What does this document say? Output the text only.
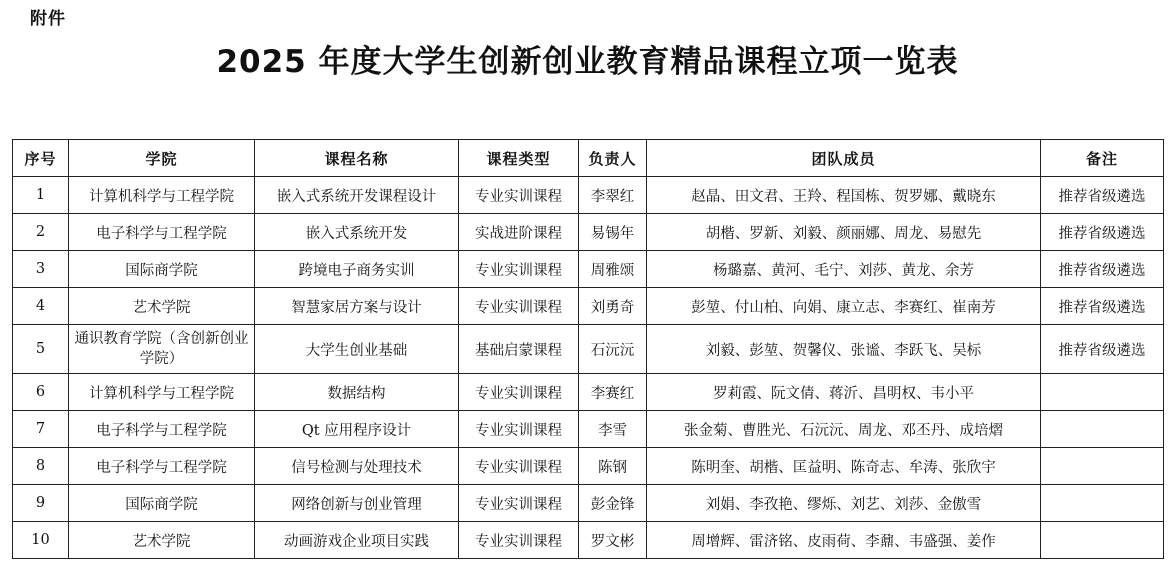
附件
2025 年度大学生创新创业教育精品课程立项一览表
序号	学院	课程名称	课程类型	负责人	团队成员	备注
1	计算机科学与工程学院	嵌入式系统开发课程设计	专业实训课程	李翠红	赵晶、田文君、王羚、程国栋、贺罗娜、戴晓东	推荐省级遴选
2	电子科学与工程学院	嵌入式系统开发	实战进阶课程	易锡年	胡楷、罗新、刘毅、颜丽娜、周龙、易慰先	推荐省级遴选
3	国际商学院	跨境电子商务实训	专业实训课程	周雅颂	杨璐嘉、黄河、毛宁、刘莎、黄龙、余芳	推荐省级遴选
4	艺术学院	智慧家居方案与设计	专业实训课程	刘勇奇	彭堃、付山柏、向娟、康立志、李赛红、崔南芳	推荐省级遴选
5	通识教育学院（含创新创业学院）	大学生创业基础	基础启蒙课程	石沅沅	刘毅、彭堃、贺馨仪、张谧、李跃飞、吴标	推荐省级遴选
6	计算机科学与工程学院	数据结构	专业实训课程	李赛红	罗莉霞、阮文倩、蒋沂、昌明权、韦小平	
7	电子科学与工程学院	Qt 应用程序设计	专业实训课程	李雪	张金菊、曹胜光、石沅沅、周龙、邓丕丹、成培熠	
8	电子科学与工程学院	信号检测与处理技术	专业实训课程	陈钢	陈明奎、胡楷、匡益明、陈奇志、牟涛、张欣宇	
9	国际商学院	网络创新与创业管理	专业实训课程	彭金锋	刘娟、李孜艳、缪烁、刘艺、刘莎、金傲雪	
10	艺术学院	动画游戏企业项目实践	专业实训课程	罗文彬	周增辉、雷济铭、皮雨荷、李鼐、韦盛强、姜作	
